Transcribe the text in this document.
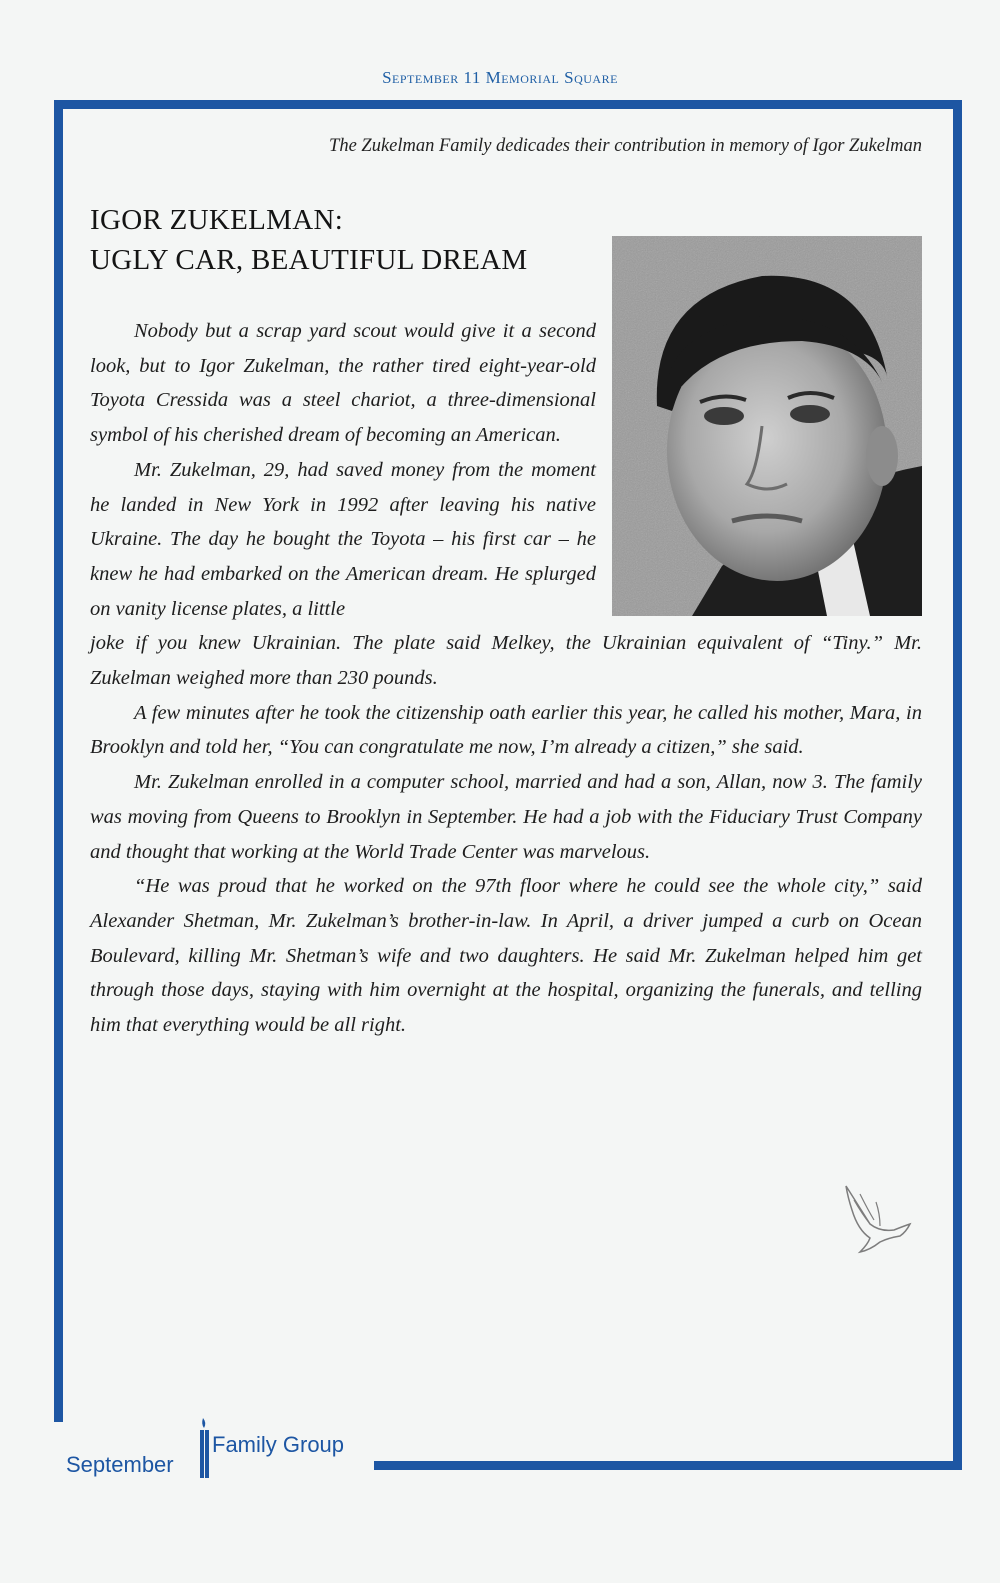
September 11 Memorial Square
The Zukelman Family dedicades their contribution in memory of Igor Zukelman
IGOR ZUKELMAN:
UGLY CAR, BEAUTIFUL DREAM

Nobody but a scrap yard scout would give it a second look, but to Igor Zukelman, the rather tired eight-year-old Toyota Cressida was a steel chariot, a three-dimensional symbol of his cherished dream of becoming an American.

Mr. Zukelman, 29, had saved money from the moment he landed in New York in 1992 after leaving his native Ukraine. The day he bought the Toyota – his first car – he knew he had embarked on the American dream. He splurged on vanity license plates, a little

joke if you knew Ukrainian. The plate said Melkey, the Ukrainian equivalent of “Tiny.” Mr. Zukelman weighed more than 230 pounds.

A few minutes after he took the citizenship oath earlier this year, he called his mother, Mara, in Brooklyn and told her, “You can congratulate me now, I’m already a citizen,” she said.

Mr. Zukelman enrolled in a computer school, married and had a son, Allan, now 3. The family was moving from Queens to Brooklyn in September. He had a job with the Fiduciary Trust Company and thought that working at the World Trade Center was marvelous.

“He was proud that he worked on the 97th floor where he could see the whole city,” said Alexander Shetman, Mr. Zukelman’s brother-in-law. In April, a driver jumped a curb on Ocean Boulevard, killing Mr. Shetman’s wife and two daughters. He said Mr. Zukelman helped him get through those days, staying with him overnight at the hospital, organizing the funerals, and telling him that everything would be all right.

September
Family Group
